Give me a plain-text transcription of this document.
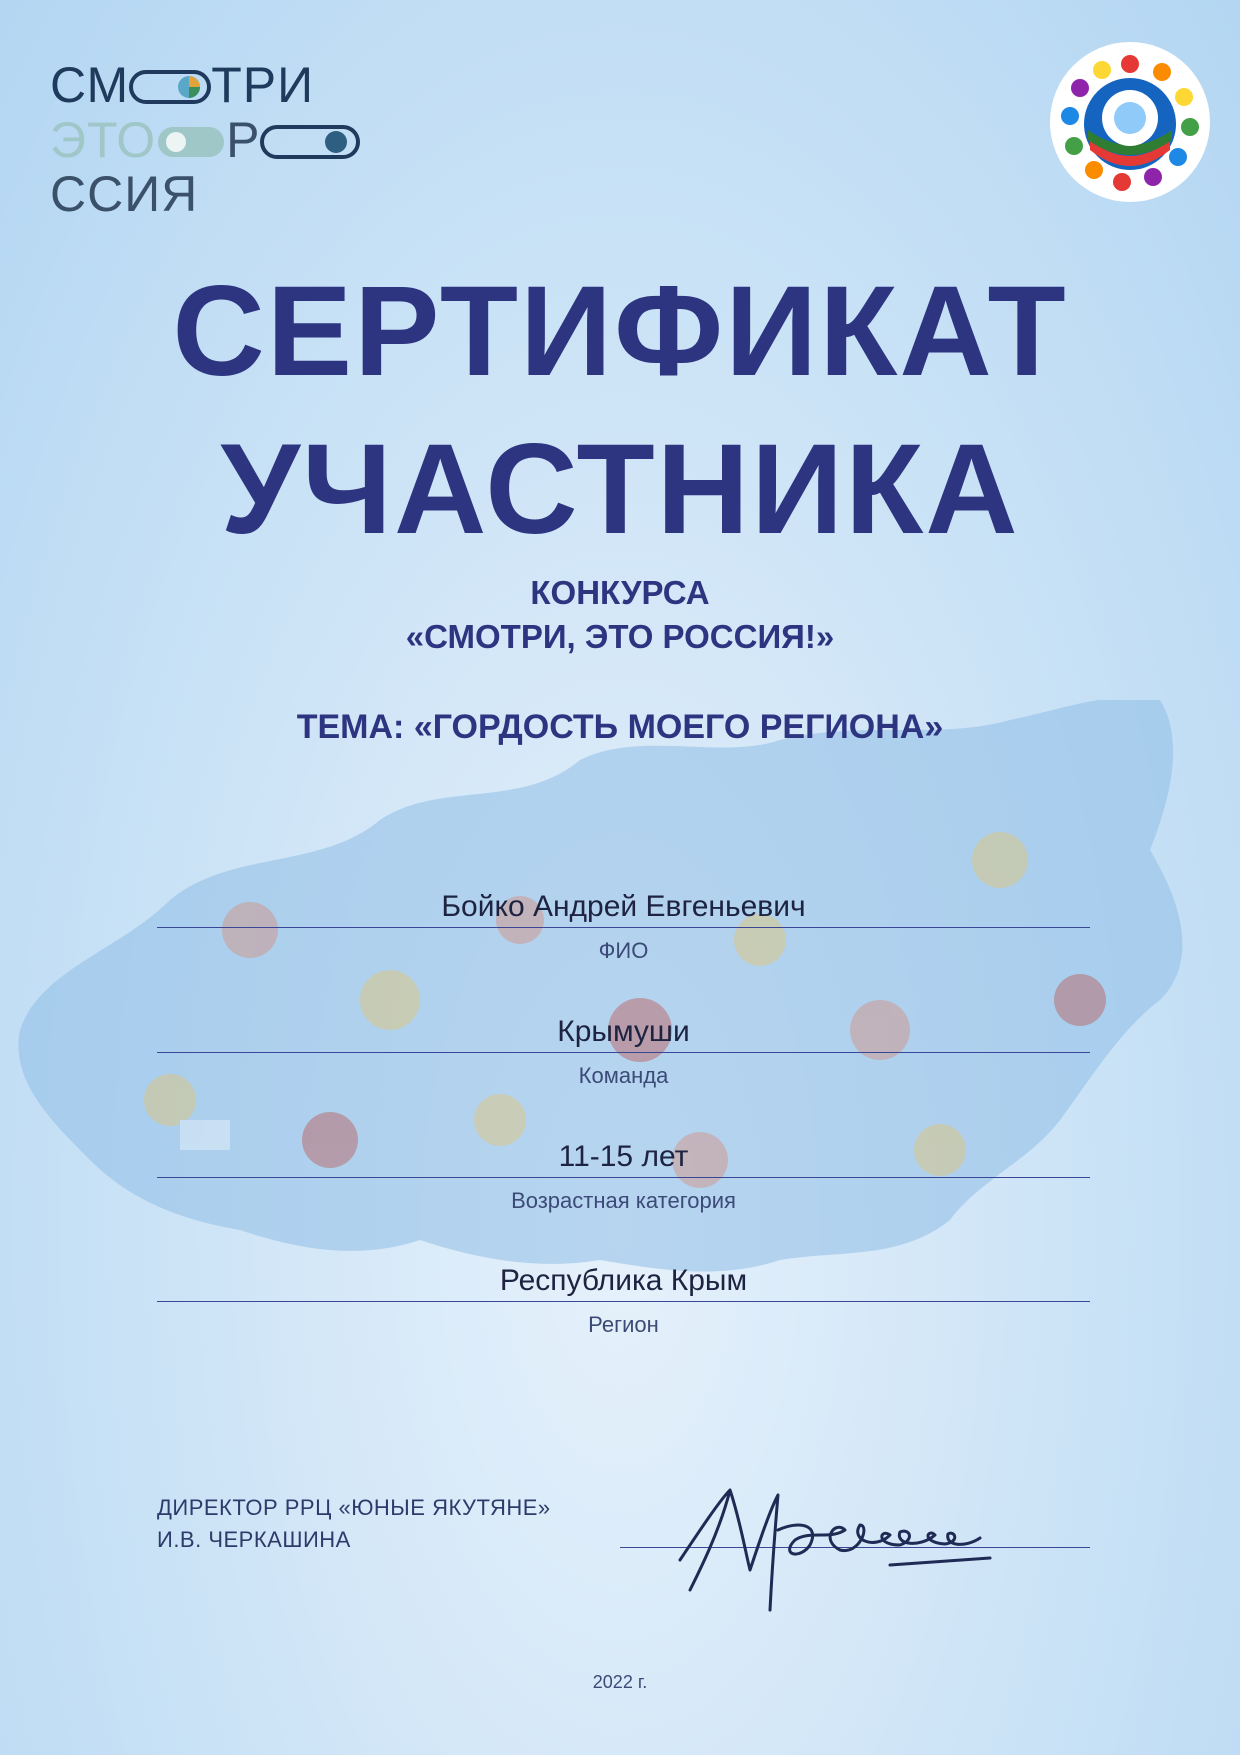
СМ ТРИ
ЭТО РССИЯ
СЕРТИФИКАТ
УЧАСТНИКА
КОНКУРСА
«СМОТРИ, ЭТО РОССИЯ!»
ТЕМА: «ГОРДОСТЬ МОЕГО РЕГИОНА»
Бойко Андрей Евгеньевич
ФИО
Крымуши
Команда
11-15 лет
Возрастная категория
Республика Крым
Регион
ДИРЕКТОР РРЦ «ЮНЫЕ ЯКУТЯНЕ»
И.В. ЧЕРКАШИНА
2022 г.
